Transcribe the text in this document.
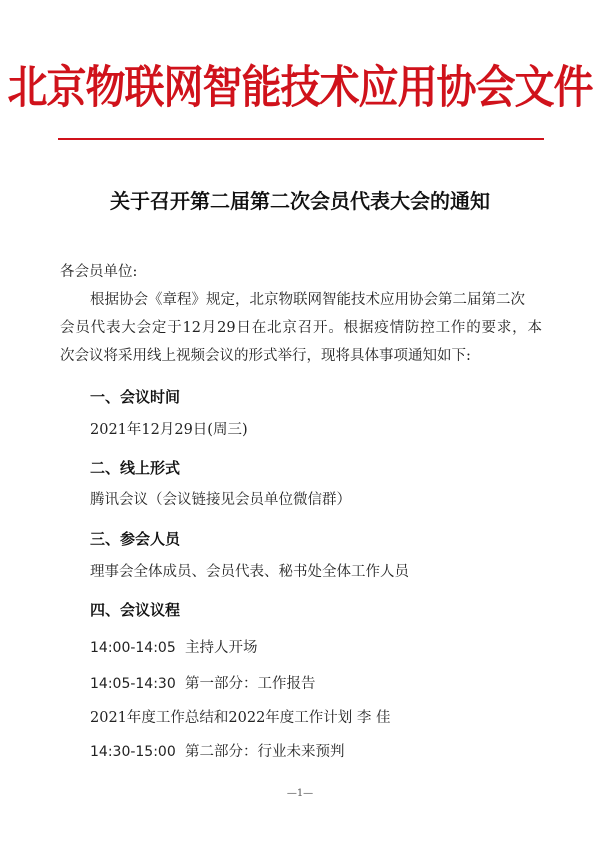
北京物联网智能技术应用协会文件
关于召开第二届第二次会员代表大会的通知
各会员单位:
根据协会《章程》规定，北京物联网智能技术应用协会第二届第二次
会员代表大会定于12月29日在北京召开。根据疫情防控工作的要求，本
次会议将采用线上视频会议的形式举行，现将具体事项通知如下:
一、会议时间
2021年12月29日(周三)
二、线上形式
腾讯会议（会议链接见会员单位微信群）
三、参会人员
理事会全体成员、会员代表、秘书处全体工作人员
四、会议议程
14:00-14:05 主持人开场
14:05-14:30 第一部分：工作报告
2021年度工作总结和2022年度工作计划 李 佳
14:30-15:00 第二部分：行业未来预判
—1—
